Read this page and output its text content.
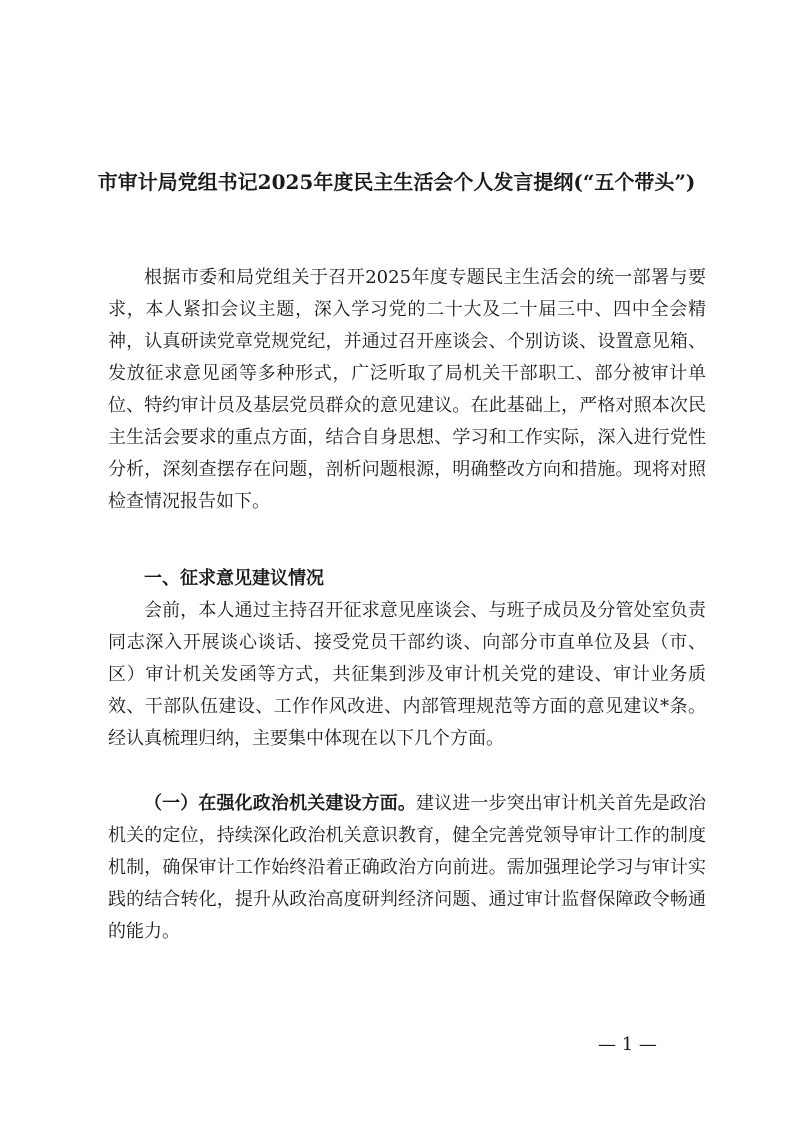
市审计局党组书记2025年度民主生活会个人发言提纲(“五个带头”)

根据市委和局党组关于召开2025年度专题民主生活会的统一部署与要求，本人紧扣会议主题，深入学习党的二十大及二十届三中、四中全会精神，认真研读党章党规党纪，并通过召开座谈会、个别访谈、设置意见箱、发放征求意见函等多种形式，广泛听取了局机关干部职工、部分被审计单位、特约审计员及基层党员群众的意见建议。在此基础上，严格对照本次民主生活会要求的重点方面，结合自身思想、学习和工作实际，深入进行党性分析，深刻查摆存在问题，剖析问题根源，明确整改方向和措施。现将对照检查情况报告如下。

一、征求意见建议情况

会前，本人通过主持召开征求意见座谈会、与班子成员及分管处室负责同志深入开展谈心谈话、接受党员干部约谈、向部分市直单位及县（市、区）审计机关发函等方式，共征集到涉及审计机关党的建设、审计业务质效、干部队伍建设、工作作风改进、内部管理规范等方面的意见建议*条。经认真梳理归纳，主要集中体现在以下几个方面。

（一）在强化政治机关建设方面。建议进一步突出审计机关首先是政治机关的定位，持续深化政治机关意识教育，健全完善党领导审计工作的制度机制，确保审计工作始终沿着正确政治方向前进。需加强理论学习与审计实践的结合转化，提升从政治高度研判经济问题、通过审计监督保障政令畅通的能力。

— 1 —
